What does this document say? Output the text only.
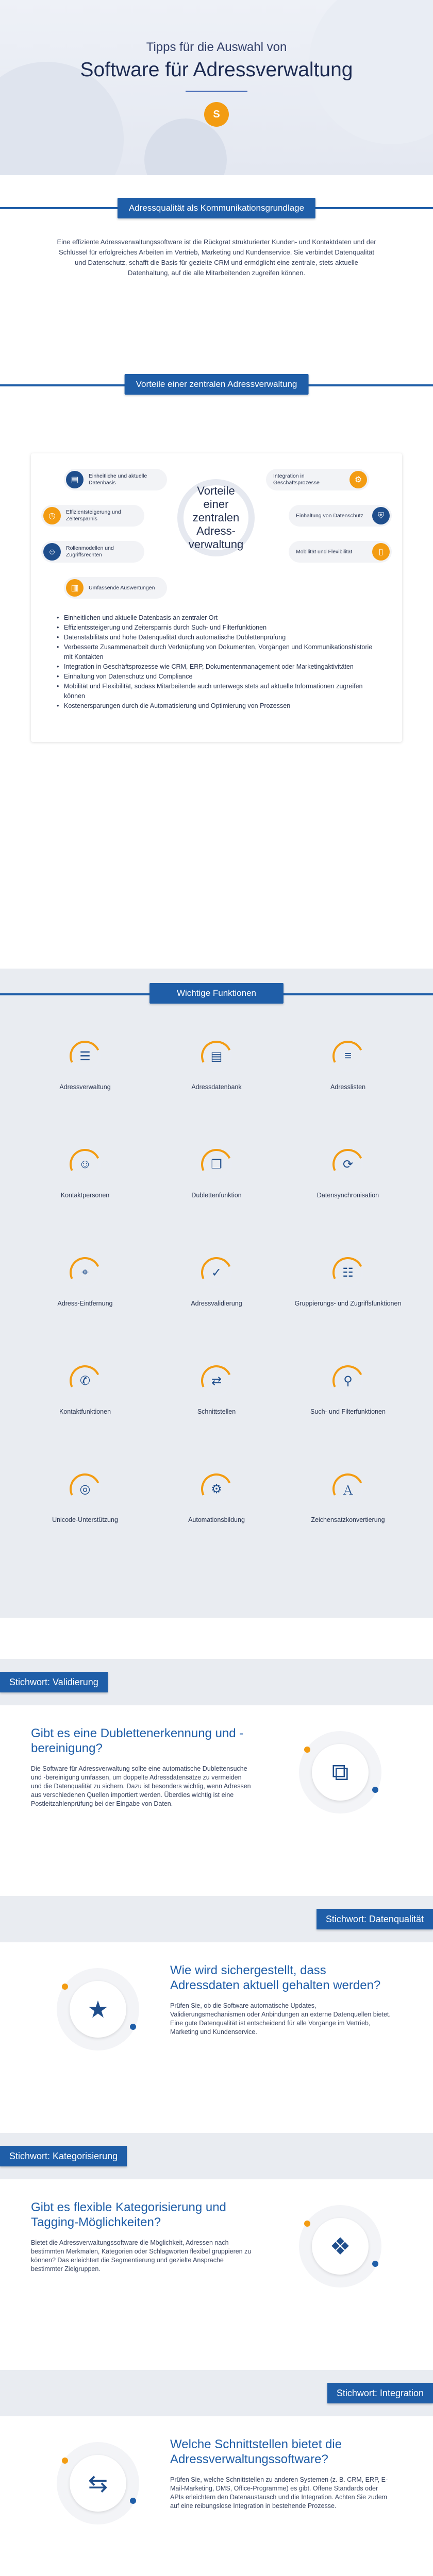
Tipps für die Auswahl von
Software für Adressverwaltung
S
Adressqualität als Kommunikationsgrundlage
Eine effiziente Adressverwaltungssoftware ist die Rückgrat strukturierter Kunden- und Kontaktdaten und der Schlüssel für erfolgreiches Arbeiten im Vertrieb, Marketing und Kundenservice. Sie verbindet Datenqualität und Datenschutz, schafft die Basis für gezielte CRM und ermöglicht eine zentrale, stets aktuelle Datenhaltung, auf die alle Mitarbeitenden zugreifen können.
Vorteile einer zentralen Adressverwaltung
Vorteile einer zentralen Adress-verwaltung
▤	Einheitliche und aktuelle Datenbasis
Integration in Geschäftsprozesse	⚙
◷	Effizientsteigerung und Zeitersparnis
Einhaltung von Datenschutz	⛨
☺	Rollenmodellen und Zugriffsrechten
Mobilität und Flexibilität	▯
▥	Umfassende Auswertungen
• Einheitlichen und aktuelle Datenbasis an zentraler Ort
• Effizientssteigerung und Zeitersparnis durch Such- und Filterfunktionen
• Datenstabilitäts und hohe Datenqualität durch automatische Dublettenprüfung
• Verbesserte Zusammenarbeit durch Verknüpfung von Dokumenten, Vorgängen und Kommunikationshistorie mit Kontakten
• Integration in Geschäftsprozesse wie CRM, ERP, Dokumentenmanagement oder Marketingaktivitäten
• Einhaltung von Datenschutz und Compliance
• Mobilität und Flexibilität, sodass Mitarbeitende auch unterwegs stets auf aktuelle Informationen zugreifen können
• Kostenersparungen durch die Automatisierung und Optimierung von Prozessen
Wichtige Funktionen
☰
Adressverwaltung
▤
Adressdatenbank
≡
Adresslisten
☺
Kontaktpersonen
❐
Dublettenfunktion
⟳
Datensynchronisation
⌖
Adress-Eintfernung
✓
Adressvalidierung
☷
Gruppierungs- und Zugriffsfunktionen
✆
Kontaktfunktionen
⇄
Schnittstellen
⚲
Such- und Filterfunktionen
◎
Unicode-Unterstützung
⚙
Automationsbildung
Ａ
Zeichensatzkonvertierung
Stichwort: Validierung
Gibt es eine Dublettenerkennung und -bereinigung?
Die Software für Adressverwaltung sollte eine automatische Dublettensuche und -bereinigung umfassen, um doppelte Adressdatensätze zu vermeiden und die Datenqualität zu sichern. Dazu ist besonders wichtig, wenn Adressen aus verschiedenen Quellen importiert werden. Überdies wichtig ist eine Postleitzahlenprüfung bei der Eingabe von Daten.
⧉
Stichwort: Datenqualität
Wie wird sichergestellt, dass Adressdaten aktuell gehalten werden?
Prüfen Sie, ob die Software automatische Updates, Validierungsmechanismen oder Anbindungen an externe Datenquellen bietet. Eine gute Datenqualität ist entscheidend für alle Vorgänge im Vertrieb, Marketing und Kundenservice.
★
Stichwort: Kategorisierung
Gibt es flexible Kategorisierung und Tagging-Möglichkeiten?
Bietet die Adressverwaltungssoftware die Möglichkeit, Adressen nach bestimmten Merkmalen, Kategorien oder Schlagworten flexibel gruppieren zu können? Das erleichtert die Segmentierung und gezielte Ansprache bestimmter Zielgruppen.
❖
Stichwort: Integration
Welche Schnittstellen bietet die Adressverwaltungssoftware?
Prüfen Sie, welche Schnittstellen zu anderen Systemen (z. B. CRM, ERP, E-Mail-Marketing, DMS, Office-Programme) es gibt. Offene Standards oder APIs erleichtern den Datenaustausch und die Integration. Achten Sie zudem auf eine reibungslose Integration in bestehende Prozesse.
⇆
